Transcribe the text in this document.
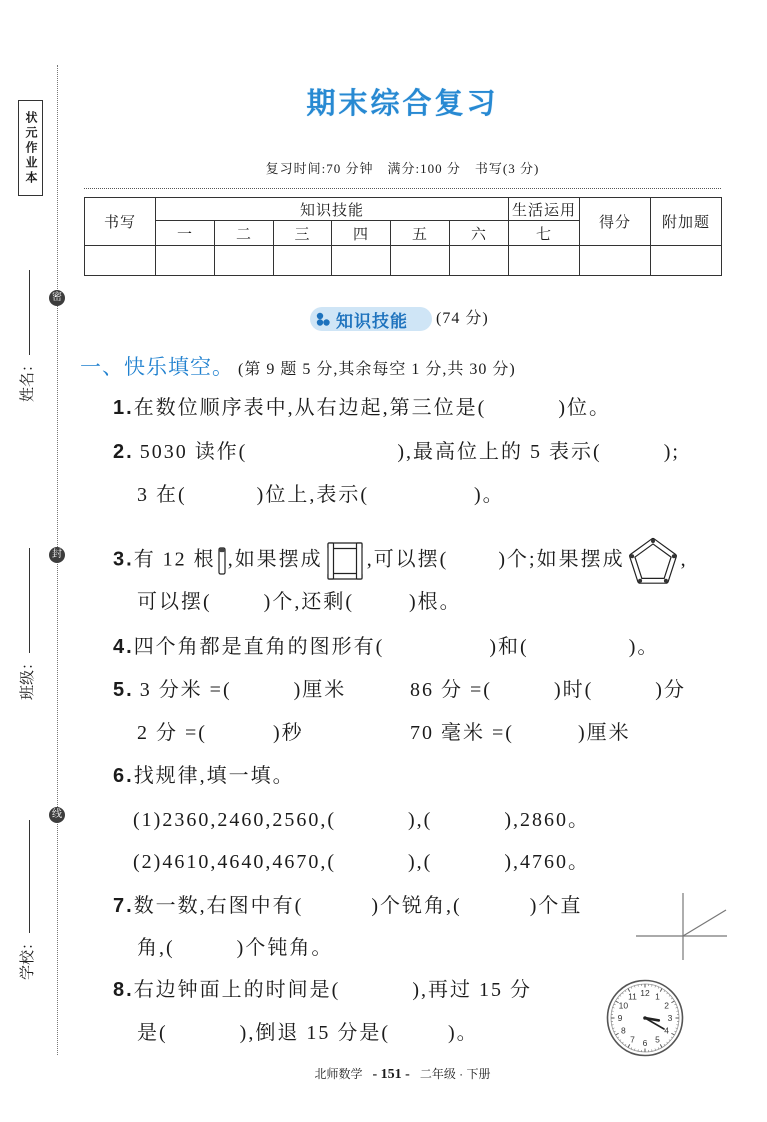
状元作业本
密
封
线
姓名：
班级：
学校：
期末综合复习
复习时间:70 分钟　满分:100 分　书写(3 分)
书写	知识技能						生活运用	得分	附加题
	一	二	三	四	五	六	七		

知识技能 (74 分)
一、快乐填空。 (第 9 题 5 分,其余每空 1 分,共 30 分)
1.在数位顺序表中,从右边起,第三位是(	)位。
2. 5030 读作(	),最高位上的 5 表示(	);
3 在(	)位上,表示(	)。
3.有 12 根 ,如果摆成 ,可以摆(	)个;如果摆成	,
可以摆(	)个,还剩(	)根。
4.四个角都是直角的图形有(	)和(	)。
5. 3 分米 =(	)厘米	86 分 =(	)时(	)分
2 分 =(	)秒	70 毫米 =(	)厘米
6.找规律,填一填。
(1)2360,2460,2560,(	),(	),2860。
(2)4610,4640,4670,(	),(	),4760。
7.数一数,右图中有(	)个锐角,(	)个直
角,(	)个钝角。
8.右边钟面上的时间是(	),再过 15 分
是(	),倒退 15 分是(	)。
12 1
2
3
4
5
6
7
8
9
10
11
北师数学 - 151 - 二年级 · 下册
